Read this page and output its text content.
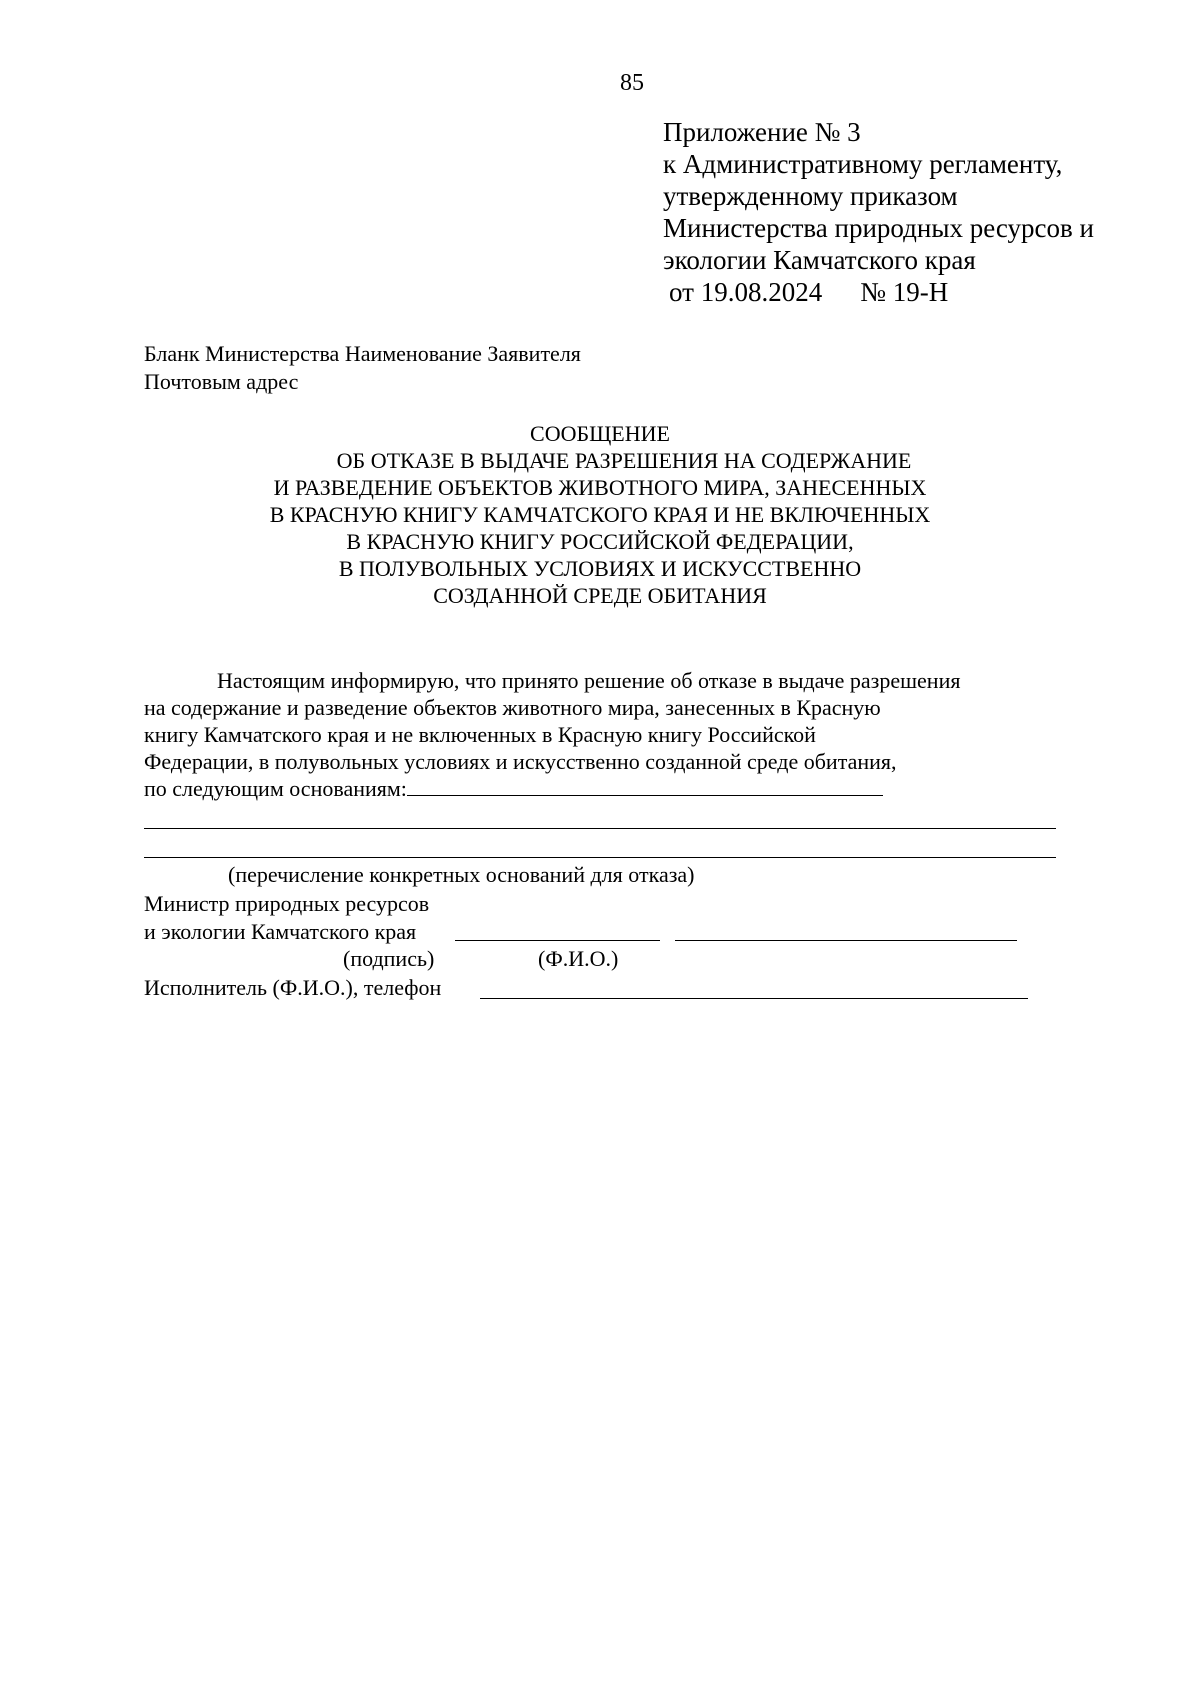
85
Приложение № 3
к Административному регламенту,
утвержденному приказом
Министерства природных ресурсов и
экологии Камчатского края
от 19.08.2024 № 19-Н
Бланк Министерства Наименование Заявителя
Почтовым адрес
СООБЩЕНИЕ
ОБ ОТКАЗЕ В ВЫДАЧЕ РАЗРЕШЕНИЯ НА СОДЕРЖАНИЕ
И РАЗВЕДЕНИЕ ОБЪЕКТОВ ЖИВОТНОГО МИРА, ЗАНЕСЕННЫХ
В КРАСНУЮ КНИГУ КАМЧАТСКОГО КРАЯ И НЕ ВКЛЮЧЕННЫХ
В КРАСНУЮ КНИГУ РОССИЙСКОЙ ФЕДЕРАЦИИ,
В ПОЛУВОЛЬНЫХ УСЛОВИЯХ И ИСКУССТВЕННО
СОЗДАННОЙ СРЕДЕ ОБИТАНИЯ
Настоящим информирую, что принято решение об отказе в выдаче разрешения
на содержание и разведение объектов животного мира, занесенных в Красную
книгу Камчатского края и не включенных в Красную книгу Российской
Федерации, в полувольных условиях и искусственно созданной среде обитания,
по следующим основаниям:
(перечисление конкретных оснований для отказа)
Министр природных ресурсов
и экологии Камчатского края
(подпись)	(Ф.И.О.)
Исполнитель (Ф.И.О.), телефон
